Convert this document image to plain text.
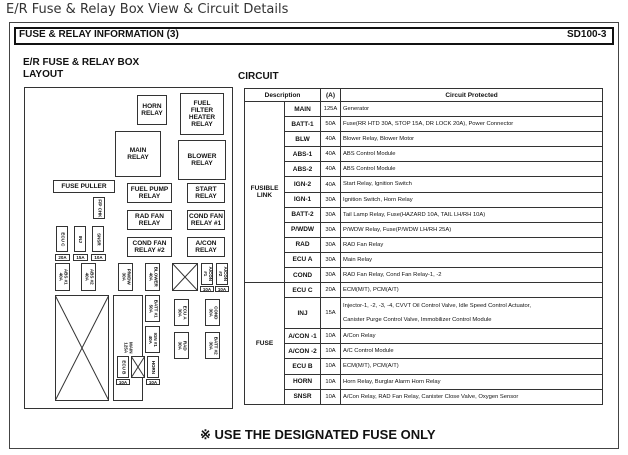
E/R Fuse & Relay Box View & Circuit Details
FUSE & RELAY INFORMATION (3)	SD100-3
E/R FUSE & RELAY BOX
LAYOUT	CIRCUIT
HORN
RELAY
FUEL
FILTER
HEATER
RELAY
MAIN
RELAY	BLOWER
RELAY
FUSE PULLER	FUEL PUMP
RELAY
START
RELAY
RAD FAN
RELAY
COND FAN
RELAY #1
COND FAN
RELAY #2
A/CON
RELAY
F/P CHK
ECU C	INJ	SNSR
20A	15A	10A
ABS #1
40A	ABS #2
40A	P/WDW
30A	BLOWER
40A	A/CON
#1	A/CON
#2
10A	10A
MAIN
125A
BATT #1
50A	ECU A
30A	COND
30A
IGN #1
40A
RAD
30A	BATT #2
30A
ECU B	HORN
10A	10A
Description		(A)	Circuit Protected
FUSIBLE
LINK	MAIN	125A	Generator
	BATT-1	50A	Fuse(RR HTD 30A, STOP 15A, DR LOCK 20A), Power Connector
	BLW	40A	Blower Relay, Blower Motor
	ABS-1	40A	ABS Control Module
	ABS-2	40A	ABS Control Module
	IGN-2	40A	Start Relay, Ignition Switch
	IGN-1	30A	Ignition Switch, Horn Relay
	BATT-2	30A	Tail Lamp Relay, Fuse(HAZARD 10A, TAIL LH/RH 10A)
	P/WDW	30A	P/WDW Relay, Fuse(P/WDW LH/RH 25A)
	RAD	30A	RAD Fan Relay
	ECU A	30A	Main Relay
	COND	30A	RAD Fan Relay, Cond Fan Relay-1, -2
FUSE	ECU C	20A	ECM(M/T), PCM(A/T)
	INJ	15A	Injector-1, -2, -3, -4, CVVT Oil Control Valve, Idle Speed Control Actuator,
Canister Purge Control Valve, Immobilizer Control Module

	A/CON -1	10A	A/Con Relay
	A/CON -2	10A	A/C Control Module
	ECU B	10A	ECM(M/T), PCM(A/T)
	HORN	10A	Horn Relay, Burglar Alarm Horn Relay
	SNSR	10A	A/Con Relay, RAD Fan Relay, Canister Close Valve, Oxygen Sensor
※ USE THE DESIGNATED FUSE ONLY
